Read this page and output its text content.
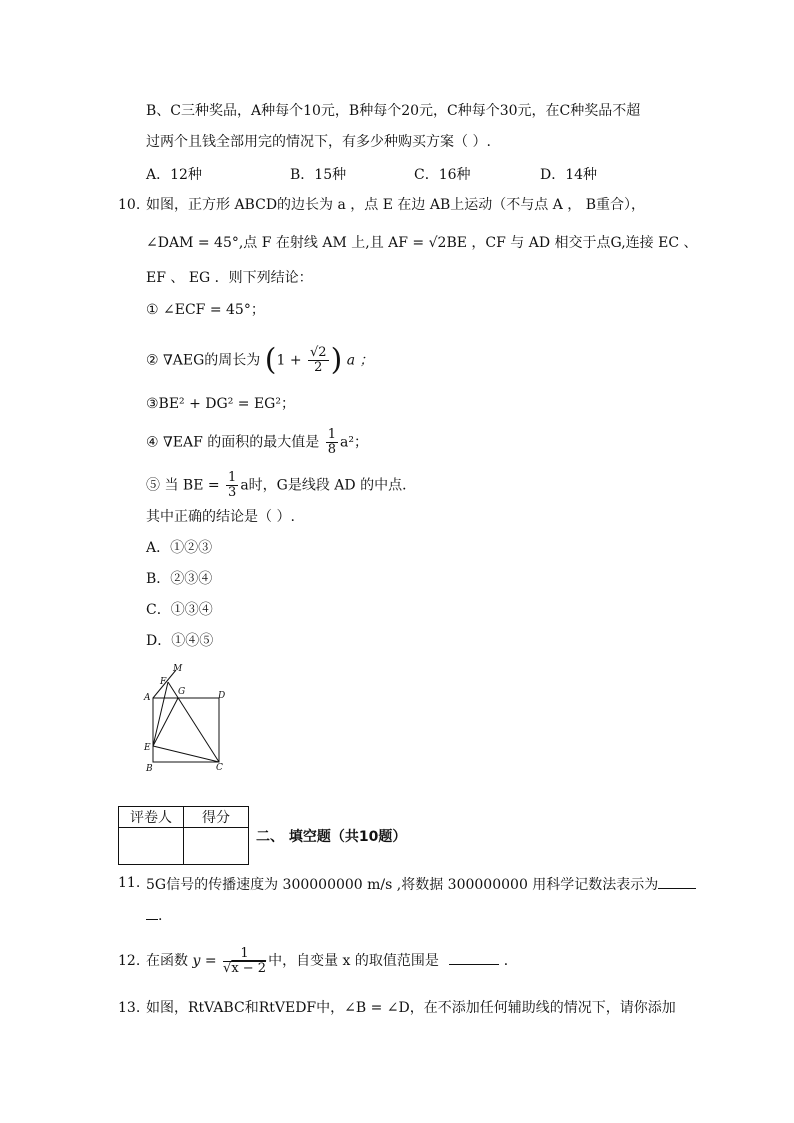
B、C三种奖品，A种每个10元，B种每个20元，C种每个30元，在C种奖品不超
过两个且钱全部用完的情况下，有多少种购买方案（ ）.
A．12种	B．15种	C．16种	D．14种
10. 如图，正方形 ABCD的边长为 a ，点 E 在边 AB上运动（不与点 A ， B重合），
∠DAM = 45°,点 F 在射线 AM 上,且 AF = √2BE ，CF 与 AD 相交于点G,连接 EC 、
EF 、 EG ．则下列结论：
① ∠ECF = 45°；
② ∇AEG的周长为 ($1 + \frac{√2}{2}$ ) a ；
③BE² + DG² = EG²；
④ ∇EAF 的面积的最大值是 $\frac{1}{8} a^2$；
⑤ 当 BE = $\frac{1}{3}$ a时，G是线段 AD 的中点．
其中正确的结论是（ ）.
A．①②③
B．②③④
C．①③④
D．①④⑤
M
F
G
A	D
E
B	C
评卷人	得分

二、 填空题（共10题）
11. 5G信号的传播速度为 300000000 m/s ,将数据 300000000 用科学记数法表示为
.
12. 在函数 $y = \frac{1}{√x - 2}$ 中，自变量 x 的取值范围是	．
13. 如图，RtVABC和RtVEDF中，∠B = ∠D，在不添加任何辅助线的情况下，请你添加
